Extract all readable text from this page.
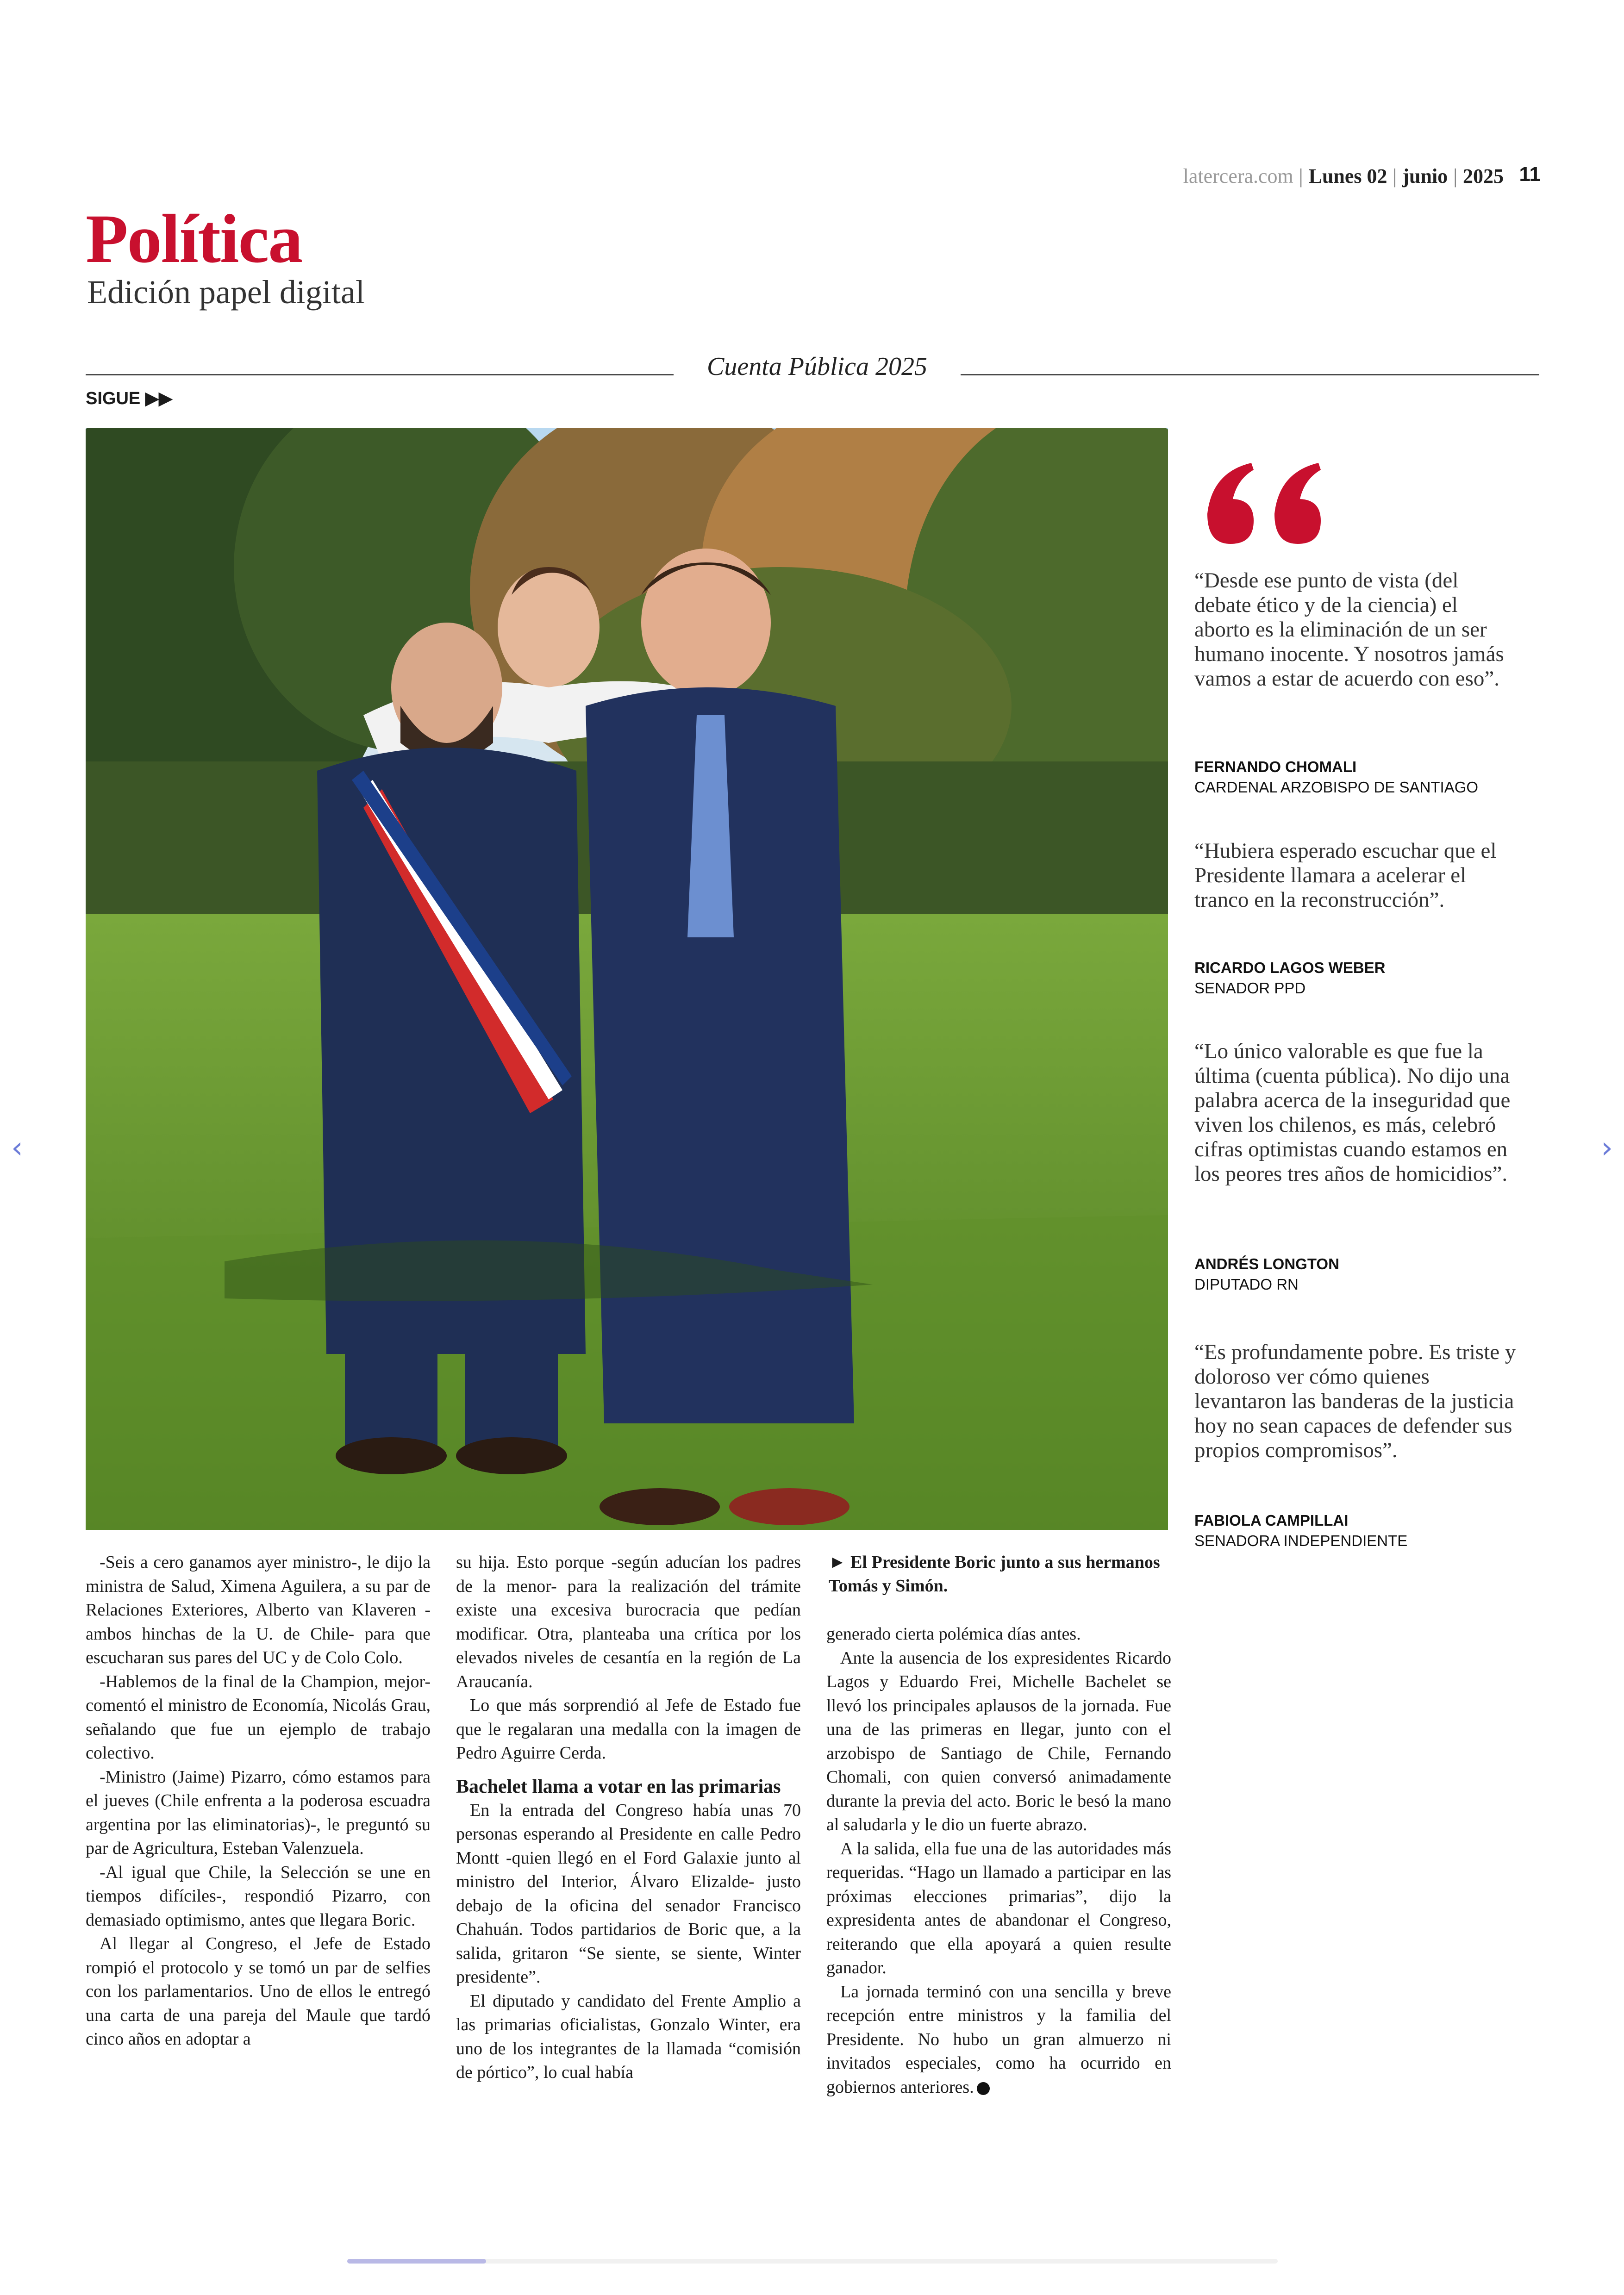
latercera.com | Lunes 02 | junio | 2025 11
Política
Edición papel digital
Cuenta Pública 2025
SIGUE ▶▶
“Desde ese punto de vista (del debate ético y de la ciencia) el aborto es la eliminación de un ser humano inocente. Y nosotros jamás vamos a estar de acuerdo con eso”.
FERNANDO CHOMALI
CARDENAL ARZOBISPO DE SANTIAGO
“Hubiera esperado escuchar que el Presidente llamara a acelerar el tranco en la reconstrucción”.
RICARDO LAGOS WEBER
SENADOR PPD
“Lo único valorable es que fue la última (cuenta pública). No dijo una palabra acerca de la inseguridad que viven los chilenos, es más, celebró cifras optimistas cuando estamos en los peores tres años de homicidios”.
ANDRÉS LONGTON
DIPUTADO RN
“Es profundamente pobre. Es triste y doloroso ver cómo quienes levantaron las banderas de la justicia hoy no sean capaces de defender sus propios compromisos”.
FABIOLA CAMPILLAI
SENADORA INDEPENDIENTE

-Seis a cero ganamos ayer ministro-, le dijo la ministra de Salud, Ximena Aguilera, a su par de Relaciones Exteriores, Alberto van Klaveren -ambos hinchas de la U. de Chile- para que escucharan sus pares del UC y de Colo Colo.

-Hablemos de la final de la Champion, mejor- comentó el ministro de Economía, Nicolás Grau, señalando que fue un ejemplo de trabajo colectivo.

-Ministro (Jaime) Pizarro, cómo estamos para el jueves (Chile enfrenta a la poderosa escuadra argentina por las eliminatorias)-, le preguntó su par de Agricultura, Esteban Valenzuela.

-Al igual que Chile, la Selección se une en tiempos difíciles-, respondió Pizarro, con demasiado optimismo, antes que llegara Boric.

Al llegar al Congreso, el Jefe de Estado rompió el protocolo y se tomó un par de selfies con los parlamentarios. Uno de ellos le entregó una carta de una pareja del Maule que tardó cinco años en adoptar a

su hija. Esto porque -según aducían los padres de la menor- para la realización del trámite existe una excesiva burocracia que pedían modificar. Otra, planteaba una crítica por los elevados niveles de cesantía en la región de La Araucanía.

Lo que más sorprendió al Jefe de Estado fue que le regalaran una medalla con la imagen de Pedro Aguirre Cerda.

Bachelet llama a votar en las primarias

En la entrada del Congreso había unas 70 personas esperando al Presidente en calle Pedro Montt -quien llegó en el Ford Galaxie junto al ministro del Interior, Álvaro Elizalde- justo debajo de la oficina del senador Francisco Chahuán. Todos partidarios de Boric que, a la salida, gritaron “Se siente, se siente, Winter presidente”.

El diputado y candidato del Frente Amplio a las primarias oficialistas, Gonzalo Winter, era uno de los integrantes de la llamada “comisión de pórtico”, lo cual había

► El Presidente Boric junto a sus hermanos Tomás y Simón.

generado cierta polémica días antes.

Ante la ausencia de los expresidentes Ricardo Lagos y Eduardo Frei, Michelle Bachelet se llevó los principales aplausos de la jornada. Fue una de las primeras en llegar, junto con el arzobispo de Santiago de Chile, Fernando Chomali, con quien conversó animadamente durante la previa del acto. Boric le besó la mano al saludarla y le dio un fuerte abrazo.

A la salida, ella fue una de las autoridades más requeridas. “Hago un llamado a participar en las próximas elecciones primarias”, dijo la expresidenta antes de abandonar el Congreso, reiterando que ella apoyará a quien resulte ganador.

La jornada terminó con una sencilla y breve recepción entre ministros y la familia del Presidente. No hubo un gran almuerzo ni invitados especiales, como ha ocurrido en gobiernos anteriores.

‹	›
